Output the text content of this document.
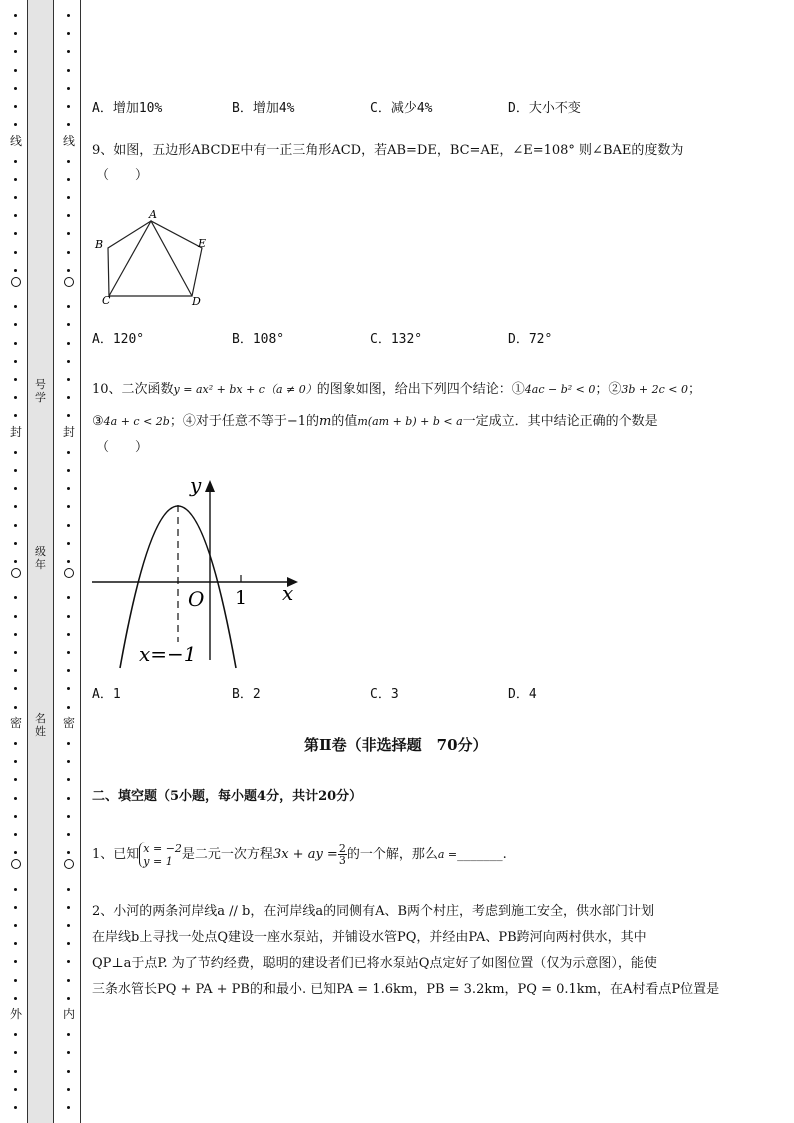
线
封
密
外
线
封
密
内
号
学
级
年
名
姓
A．增加10%	B．增加4%	C．减少4%	D．大小不变
9、如图，五边形ABCDE中有一正三角形ACD，若AB=DE，BC=AE，∠E=108° 则∠BAE的度数为
（　　）
A
B	E
C	D
A．120°	B．108°	C．132°	D．72°
10、二次函数y = ax² + bx + c（a ≠ 0）的图象如图，给出下列四个结论：①4ac − b² < 0；②3b + 2c < 0；
③4a + c < 2b；④对于任意不等于−1的m的值m(am + b) + b < a一定成立．其中结论正确的个数是
（　　）
y
x
O 1
x=−1
A．1	B．2	C．3	D．4
第Ⅱ卷（非选择题　70分）
二、填空题（5小题，每小题4分，共计20分）
1、已知 x = −2
y = 1 是二元一次方程3x + ay = $\frac{2}{3}$ 的一个解，那么a =_______.
2、小河的两条河岸线a // b，在河岸线a的同侧有A、B两个村庄，考虑到施工安全，供水部门计划
在岸线b上寻找一处点Q建设一座水泵站，并铺设水管PQ，并经由PA、PB跨河向两村供水，其中
QP⊥a于点P. 为了节约经费，聪明的建设者们已将水泵站Q点定好了如图位置（仅为示意图），能使
三条水管长PQ + PA + PB的和最小. 已知PA = 1.6km，PB = 3.2km，PQ = 0.1km，在A村看点P位置是
